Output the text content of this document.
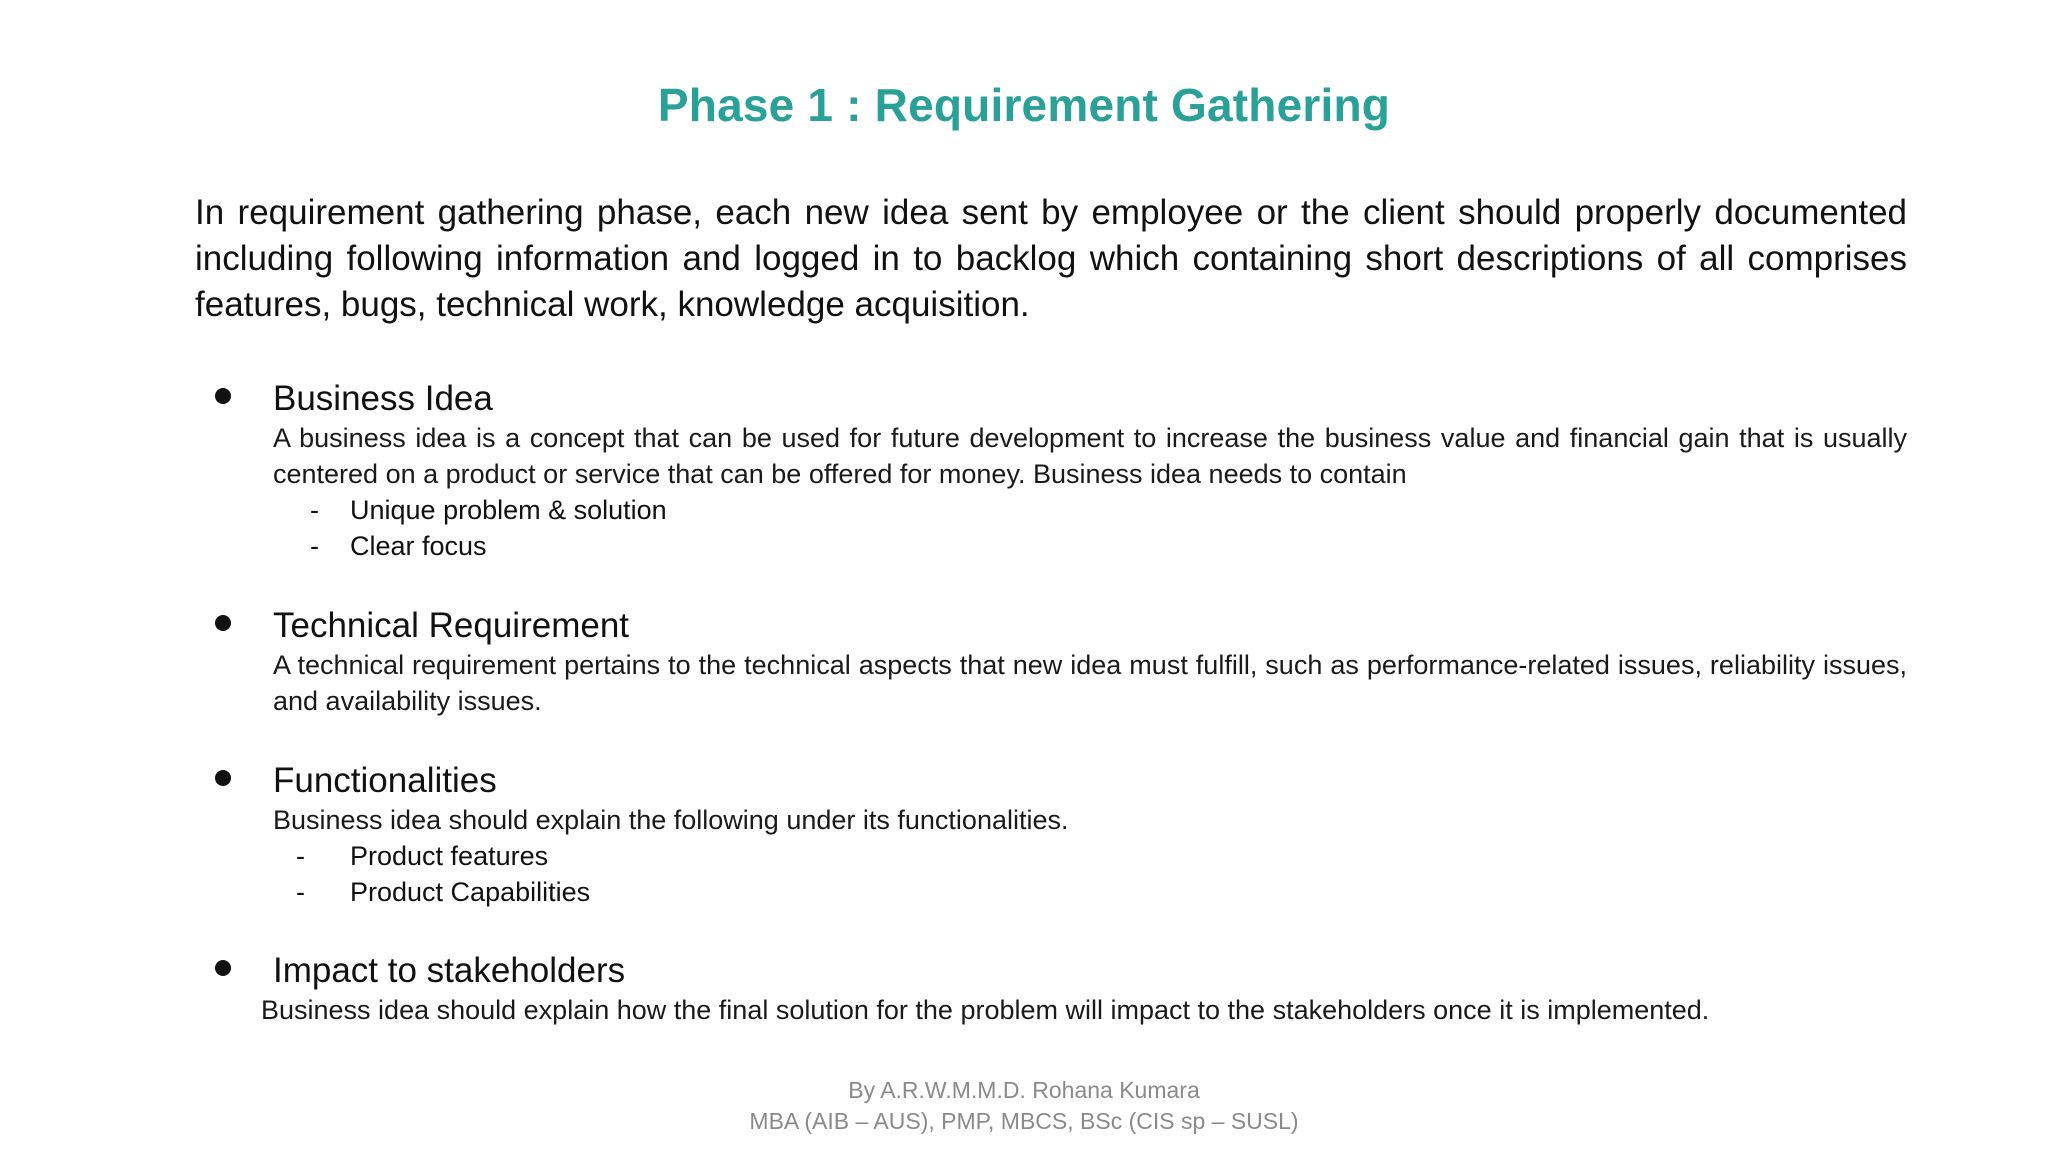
Phase 1 : Requirement Gathering
In requirement gathering phase, each new idea sent by employee or the client should properly documented including following information and logged in to backlog which containing short descriptions of all comprises features, bugs, technical work, knowledge acquisition.
Business Idea
A business idea is a concept that can be used for future development to increase the business value and financial gain that is usually centered on a product or service that can be offered for money. Business idea needs to contain
- Unique problem & solution
- Clear focus
Technical Requirement
A technical requirement pertains to the technical aspects that new idea must fulfill, such as performance-related issues, reliability issues, and availability issues.
Functionalities
Business idea should explain the following under its functionalities.
- Product features
- Product Capabilities
Impact to stakeholders
Business idea should explain how the final solution for the problem will impact to the stakeholders once it is implemented.
By A.R.W.M.M.D. Rohana Kumara
MBA (AIB – AUS), PMP, MBCS, BSc (CIS sp – SUSL)
